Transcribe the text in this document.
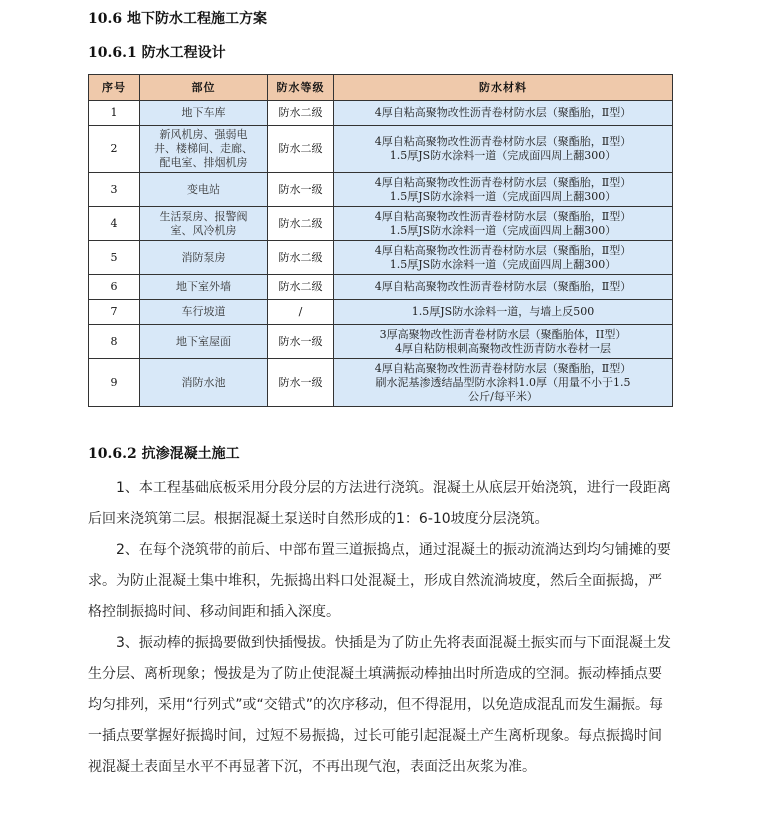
10.6 地下防水工程施工方案
10.6.1 防水工程设计
序号	部位	防水等级	防水材料
1	地下车库	防水二级	4厚自粘高聚物改性沥青卷材防水层（聚酯胎，Ⅱ型）

2	新风机房、强弱电
井、楼梯间、走廊、
配电室、排烟机房	防水二级	4厚自粘高聚物改性沥青卷材防水层（聚酯胎，Ⅱ型）
1.5厚JS防水涂料一道（完成面四周上翻300）

3	变电站	防水一级	4厚自粘高聚物改性沥青卷材防水层（聚酯胎，Ⅱ型）
1.5厚JS防水涂料一道（完成面四周上翻300）

4	生活泵房、报警阀
室、风冷机房	防水二级	4厚自粘高聚物改性沥青卷材防水层（聚酯胎，Ⅱ型）
1.5厚JS防水涂料一道（完成面四周上翻300）

5	消防泵房	防水二级	4厚自粘高聚物改性沥青卷材防水层（聚酯胎，Ⅱ型）
1.5厚JS防水涂料一道（完成面四周上翻300）

6	地下室外墙	防水二级	4厚自粘高聚物改性沥青卷材防水层（聚酯胎，Ⅱ型）

7	车行坡道	/	1.5厚JS防水涂料一道，与墙上反500

8	地下室屋面	防水一级	3厚高聚物改性沥青卷材防水层（聚酯胎体，II型）
4厚自粘防根刺高聚物改性沥青防水卷材一层

9	消防水池	防水一级	4厚自粘高聚物改性沥青卷材防水层（聚酯胎，Ⅱ型）
刷水泥基渗透结晶型防水涂料1.0厚（用量不小于1.5
公斤/每平米）
10.6.2 抗渗混凝土施工

1、本工程基础底板采用分段分层的方法进行浇筑。混凝土从底层开始浇筑，进行一段距离后回来浇筑第二层。根据混凝土泵送时自然形成的1：6-10坡度分层浇筑。

2、在每个浇筑带的前后、中部布置三道振捣点，通过混凝土的振动流淌达到均匀铺摊的要求。为防止混凝土集中堆积，先振捣出料口处混凝土，形成自然流淌坡度，然后全面振捣，严格控制振捣时间、移动间距和插入深度。

3、振动棒的振捣要做到快插慢拔。快插是为了防止先将表面混凝土振实而与下面混凝土发生分层、离析现象；慢拔是为了防止使混凝土填满振动棒抽出时所造成的空洞。振动棒插点要均匀排列，采用“行列式”或“交错式”的次序移动，但不得混用，以免造成混乱而发生漏振。每一插点要掌握好振捣时间，过短不易振捣，过长可能引起混凝土产生离析现象。每点振捣时间视混凝土表面呈水平不再显著下沉，不再出现气泡，表面泛出灰浆为准。
